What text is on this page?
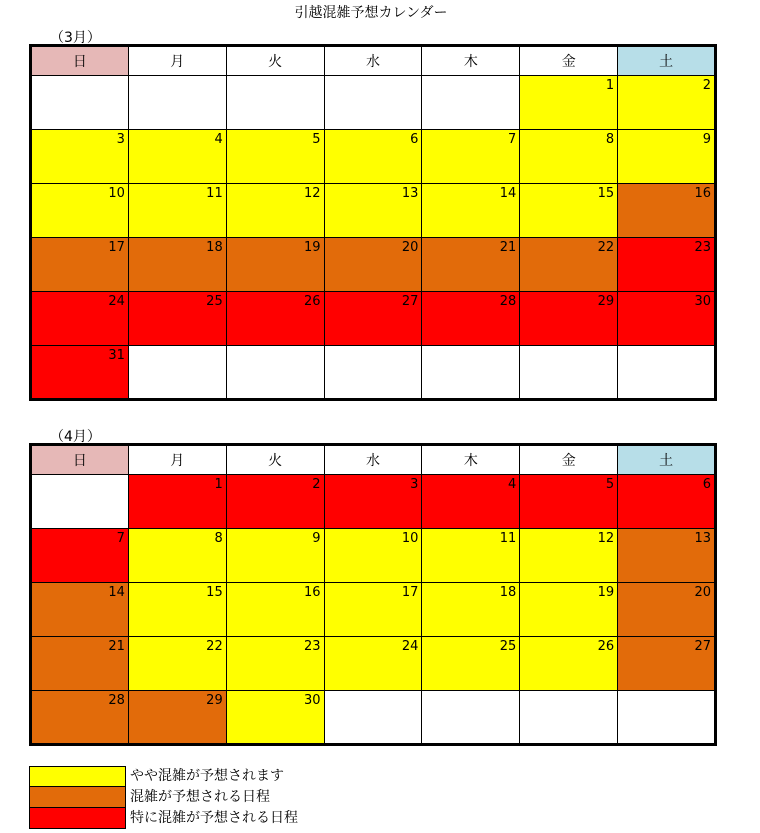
引越混雑予想カレンダー
（3月）
日	月	火	水	木	金	土
					1	2
3	4	5	6	7	8	9
10	11	12	13	14	15	16
17	18	19	20	21	22	23
24	25	26	27	28	29	30
31						
（4月）
日	月	火	水	木	金	土
	1	2	3	4	5	6
7	8	9	10	11	12	13
14	15	16	17	18	19	20
21	22	23	24	25	26	27
28	29	30				
やや混雑が予想されます
混雑が予想される日程
特に混雑が予想される日程
